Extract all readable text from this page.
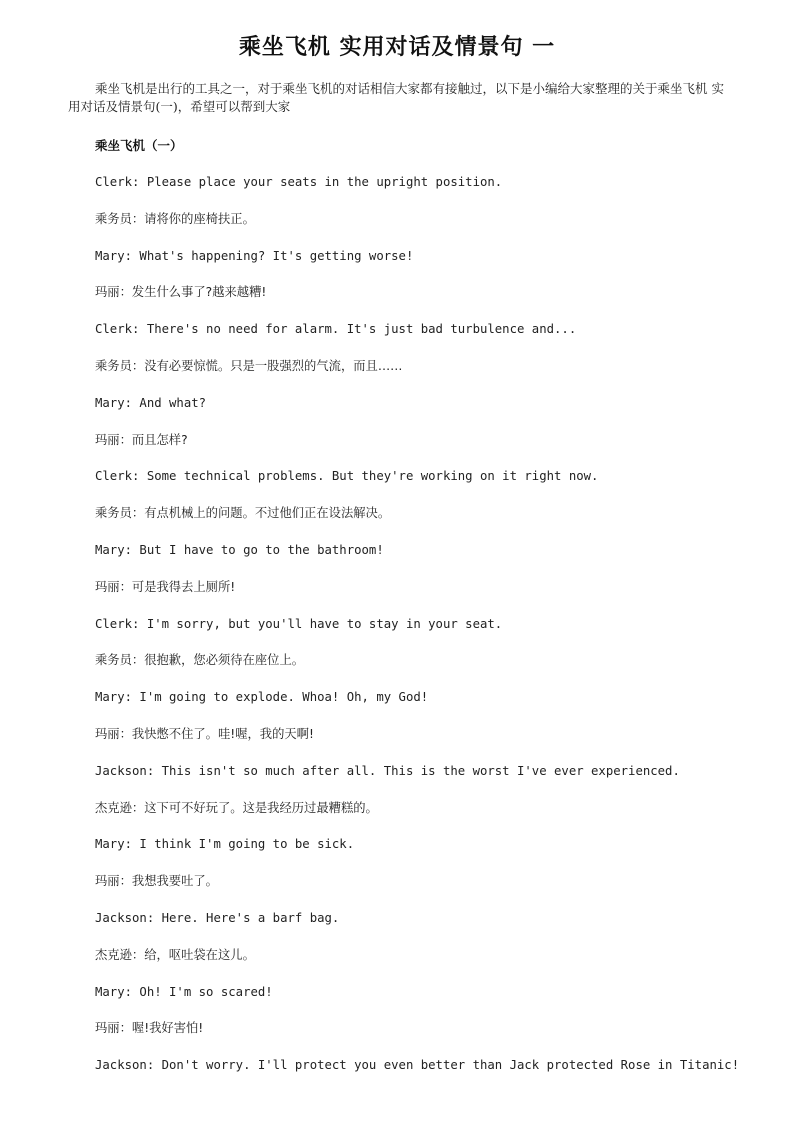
乘坐飞机 实用对话及情景句 一
乘坐飞机是出行的工具之一，对于乘坐飞机的对话相信大家都有接触过，以下是小编给大家整理的关于乘坐飞机 实用对话及情景句(一)，希望可以帮到大家
乘坐飞机（一）

Clerk: Please place your seats in the upright position.

乘务员：请将你的座椅扶正。

Mary: What's happening? It's getting worse!

玛丽：发生什么事了?越来越糟!

Clerk: There's no need for alarm. It's just bad turbulence and...

乘务员：没有必要惊慌。只是一股强烈的气流，而且……

Mary: And what?

玛丽：而且怎样?

Clerk: Some technical problems. But they're working on it right now.

乘务员：有点机械上的问题。不过他们正在设法解决。

Mary: But I have to go to the bathroom!

玛丽：可是我得去上厕所!

Clerk: I'm sorry, but you'll have to stay in your seat.

乘务员：很抱歉，您必须待在座位上。

Mary: I'm going to explode. Whoa! Oh, my God!

玛丽：我快憋不住了。哇!喔，我的天啊!

Jackson: This isn't so much after all. This is the worst I've ever experienced.

杰克逊：这下可不好玩了。这是我经历过最糟糕的。

Mary: I think I'm going to be sick.

玛丽：我想我要吐了。

Jackson: Here. Here's a barf bag.

杰克逊：给，呕吐袋在这儿。

Mary: Oh! I'm so scared!

玛丽：喔!我好害怕!

Jackson: Don't worry. I'll protect you even better than Jack protected Rose in Titanic!
